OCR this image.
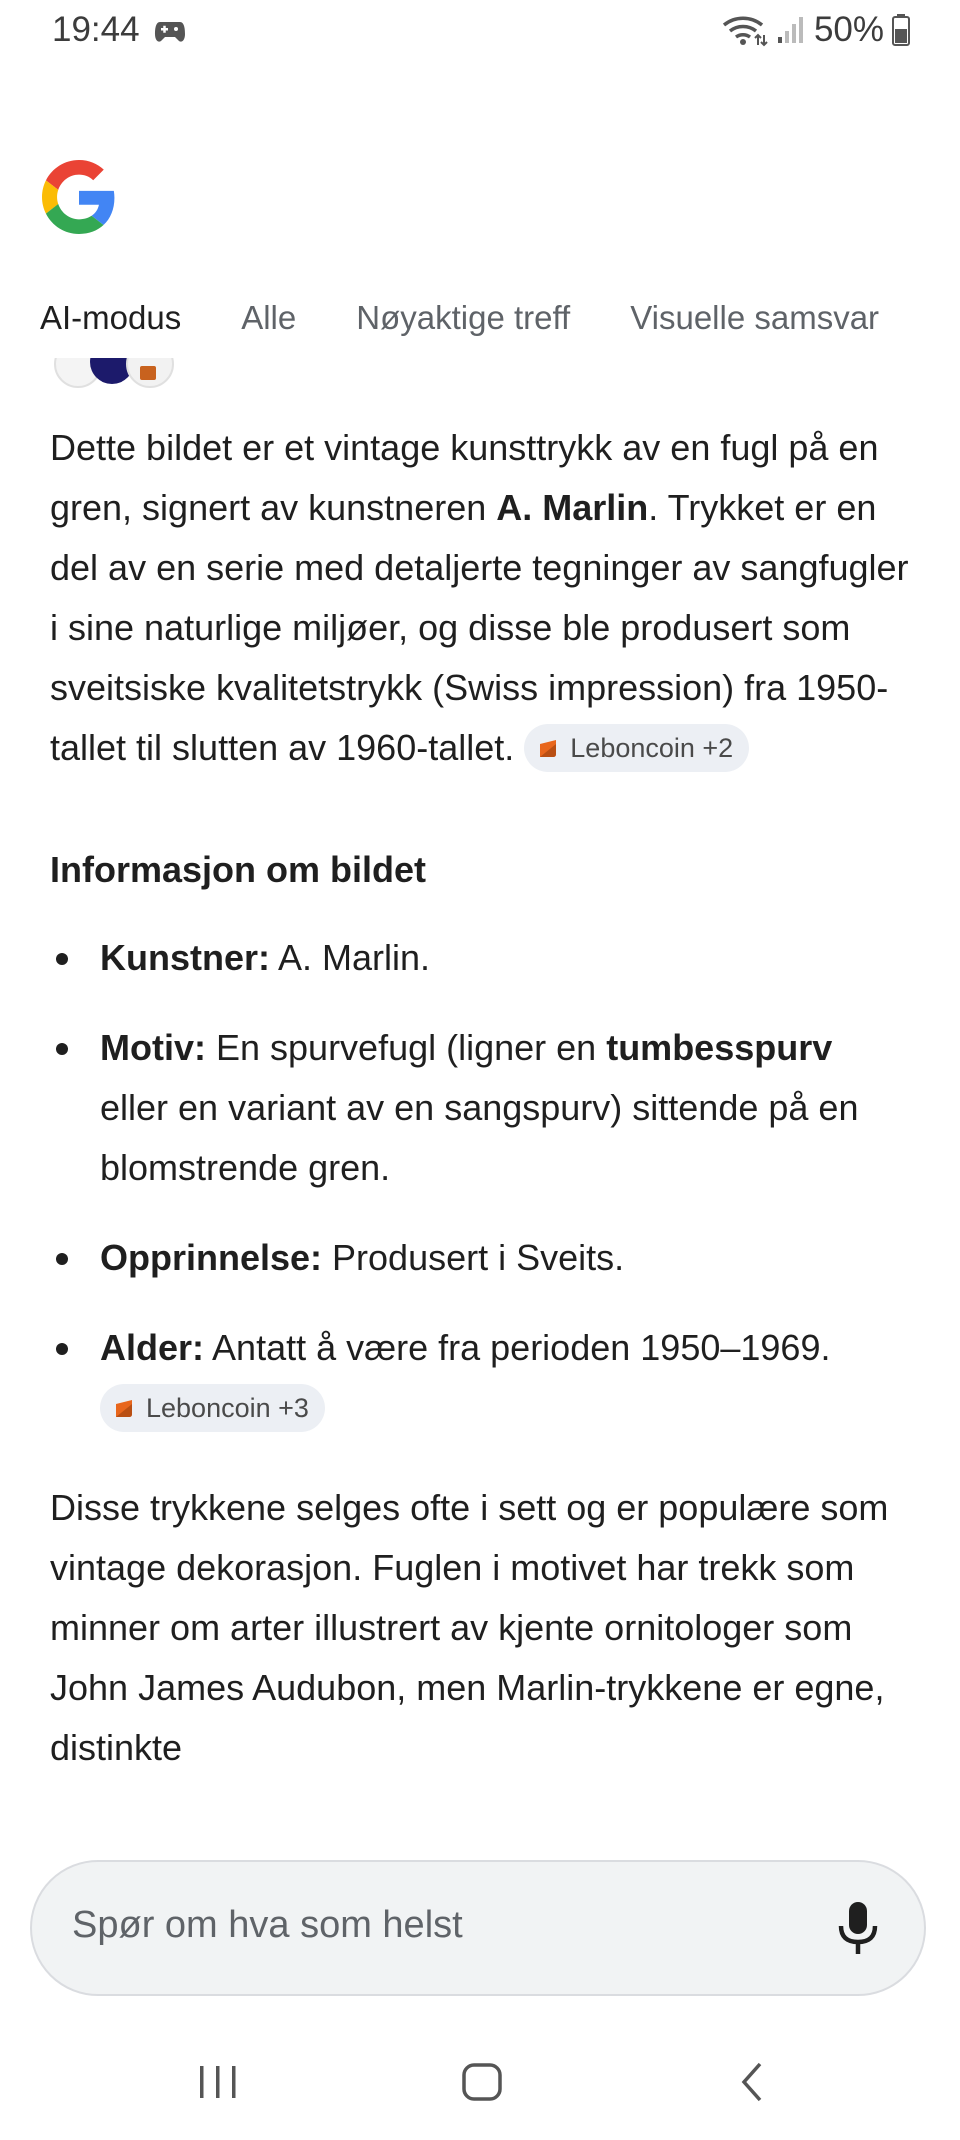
19:44	50%
AI-modus Alle Nøyaktige treff Visuelle samsvar

Dette bildet er et vintage kunsttrykk av en fugl på en gren, signert av kunstneren A. Marlin. Trykket er en del av en serie med detaljerte tegninger av sangfugler i sine naturlige miljøer, og disse ble produsert som sveitsiske kvalitetstrykk (Swiss impression) fra 1950-tallet til slutten av 1960-tallet. Leboncoin +2

Informasjon om bildet
Kunstner: A. Marlin.
Motiv: En spurvefugl (ligner en tumbesspurv eller en variant av en sangspurv) sittende på en blomstrende gren.
Opprinnelse: Produsert i Sveits.
Alder: Antatt å være fra perioden 1950–1969.
Leboncoin +3

Disse trykkene selges ofte i sett og er populære som vintage dekorasjon. Fuglen i motivet har trekk som minner om arter illustrert av kjente ornitologer som John James Audubon, men Marlin-trykkene er egne, distinkte

Spør om hva som helst
